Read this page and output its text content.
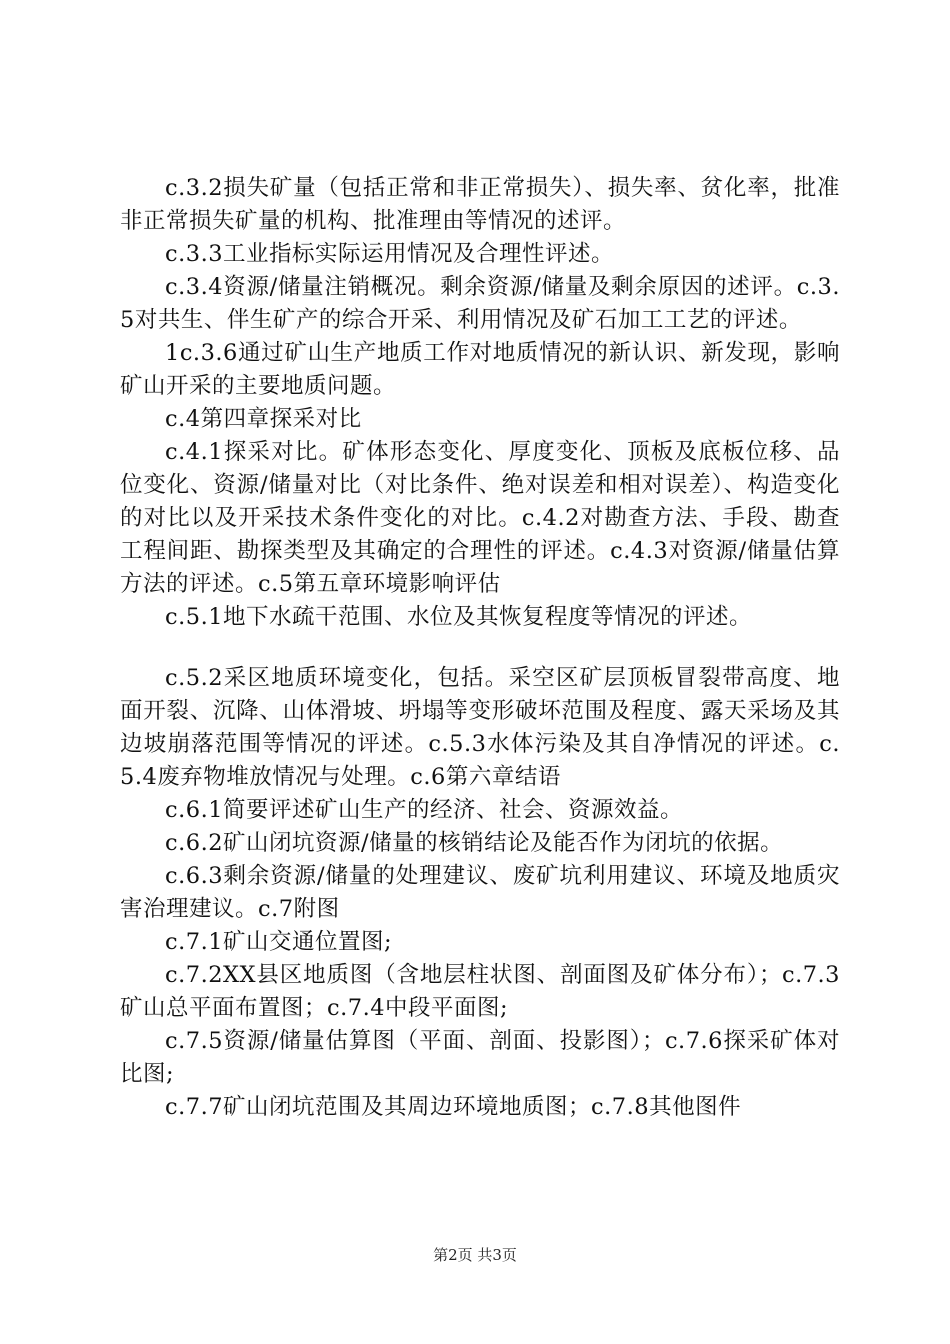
c.3.2损失矿量（包括正常和非正常损失）、损失率、贫化率，批准非正常损失矿量的机构、批准理由等情况的述评。

c.3.3工业指标实际运用情况及合理性评述。

c.3.4资源/储量注销概况。剩余资源/储量及剩余原因的述评。c.3.5对共生、伴生矿产的综合开采、利用情况及矿石加工工艺的评述。

1c.3.6通过矿山生产地质工作对地质情况的新认识、新发现，影响矿山开采的主要地质问题。

c.4第四章探采对比

c.4.1探采对比。矿体形态变化、厚度变化、顶板及底板位移、品位变化、资源/储量对比（对比条件、绝对误差和相对误差）、构造变化的对比以及开采技术条件变化的对比。c.4.2对勘查方法、手段、勘查工程间距、勘探类型及其确定的合理性的评述。c.4.3对资源/储量估算方法的评述。c.5第五章环境影响评估

c.5.1地下水疏干范围、水位及其恢复程度等情况的评述。

c.5.2采区地质环境变化，包括。采空区矿层顶板冒裂带高度、地面开裂、沉降、山体滑坡、坍塌等变形破坏范围及程度、露天采场及其边坡崩落范围等情况的评述。c.5.3水体污染及其自净情况的评述。c.5.4废弃物堆放情况与处理。c.6第六章结语

c.6.1简要评述矿山生产的经济、社会、资源效益。

c.6.2矿山闭坑资源/储量的核销结论及能否作为闭坑的依据。

c.6.3剩余资源/储量的处理建议、废矿坑利用建议、环境及地质灾害治理建议。c.7附图

c.7.1矿山交通位置图;

c.7.2XX县区地质图（含地层柱状图、剖面图及矿体分布）；c.7.3矿山总平面布置图；c.7.4中段平面图;

c.7.5资源/储量估算图（平面、剖面、投影图）；c.7.6探采矿体对比图;

c.7.7矿山闭坑范围及其周边环境地质图；c.7.8其他图件

第2页 共3页
